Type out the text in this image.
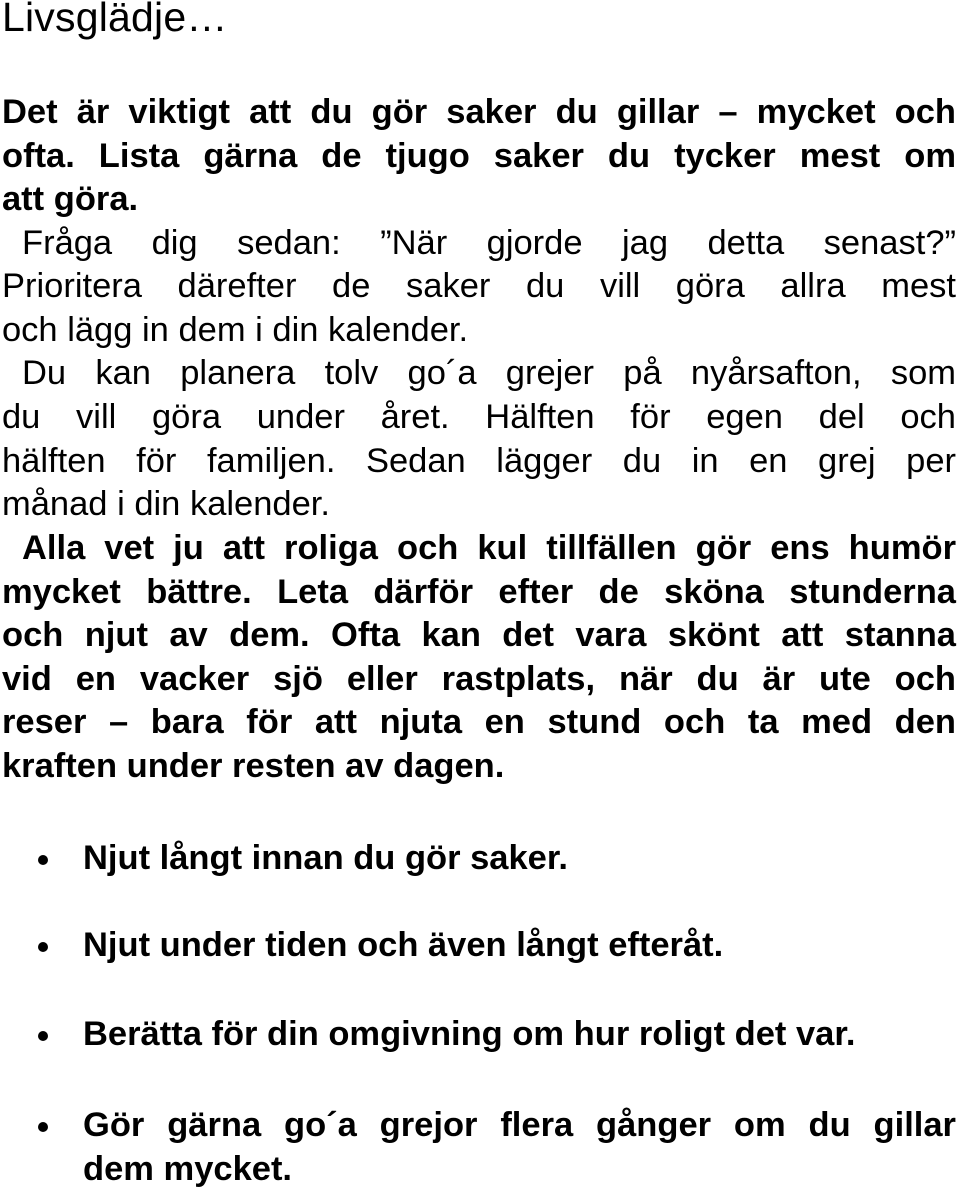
Livsglädje…
Det är viktigt att du gör saker du gillar – mycket och
ofta. Lista gärna de tjugo saker du tycker mest om
att göra.
Fråga dig sedan: ”När gjorde jag detta senast?”
Prioritera därefter de saker du vill göra allra mest
och lägg in dem i din kalender.
Du kan planera tolv go´a grejer på nyårsafton, som
du vill göra under året. Hälften för egen del och
hälften för familjen. Sedan lägger du in en grej per
månad i din kalender.
Alla vet ju att roliga och kul tillfällen gör ens humör
mycket bättre. Leta därför efter de sköna stunderna
och njut av dem. Ofta kan det vara skönt att stanna
vid en vacker sjö eller rastplats, när du är ute och
reser – bara för att njuta en stund och ta med den
kraften under resten av dagen.
Njut långt innan du gör saker.
Njut under tiden och även långt efteråt.
Berätta för din omgivning om hur roligt det var.
Gör gärna go´a grejor flera gånger om du gillar
dem mycket.
